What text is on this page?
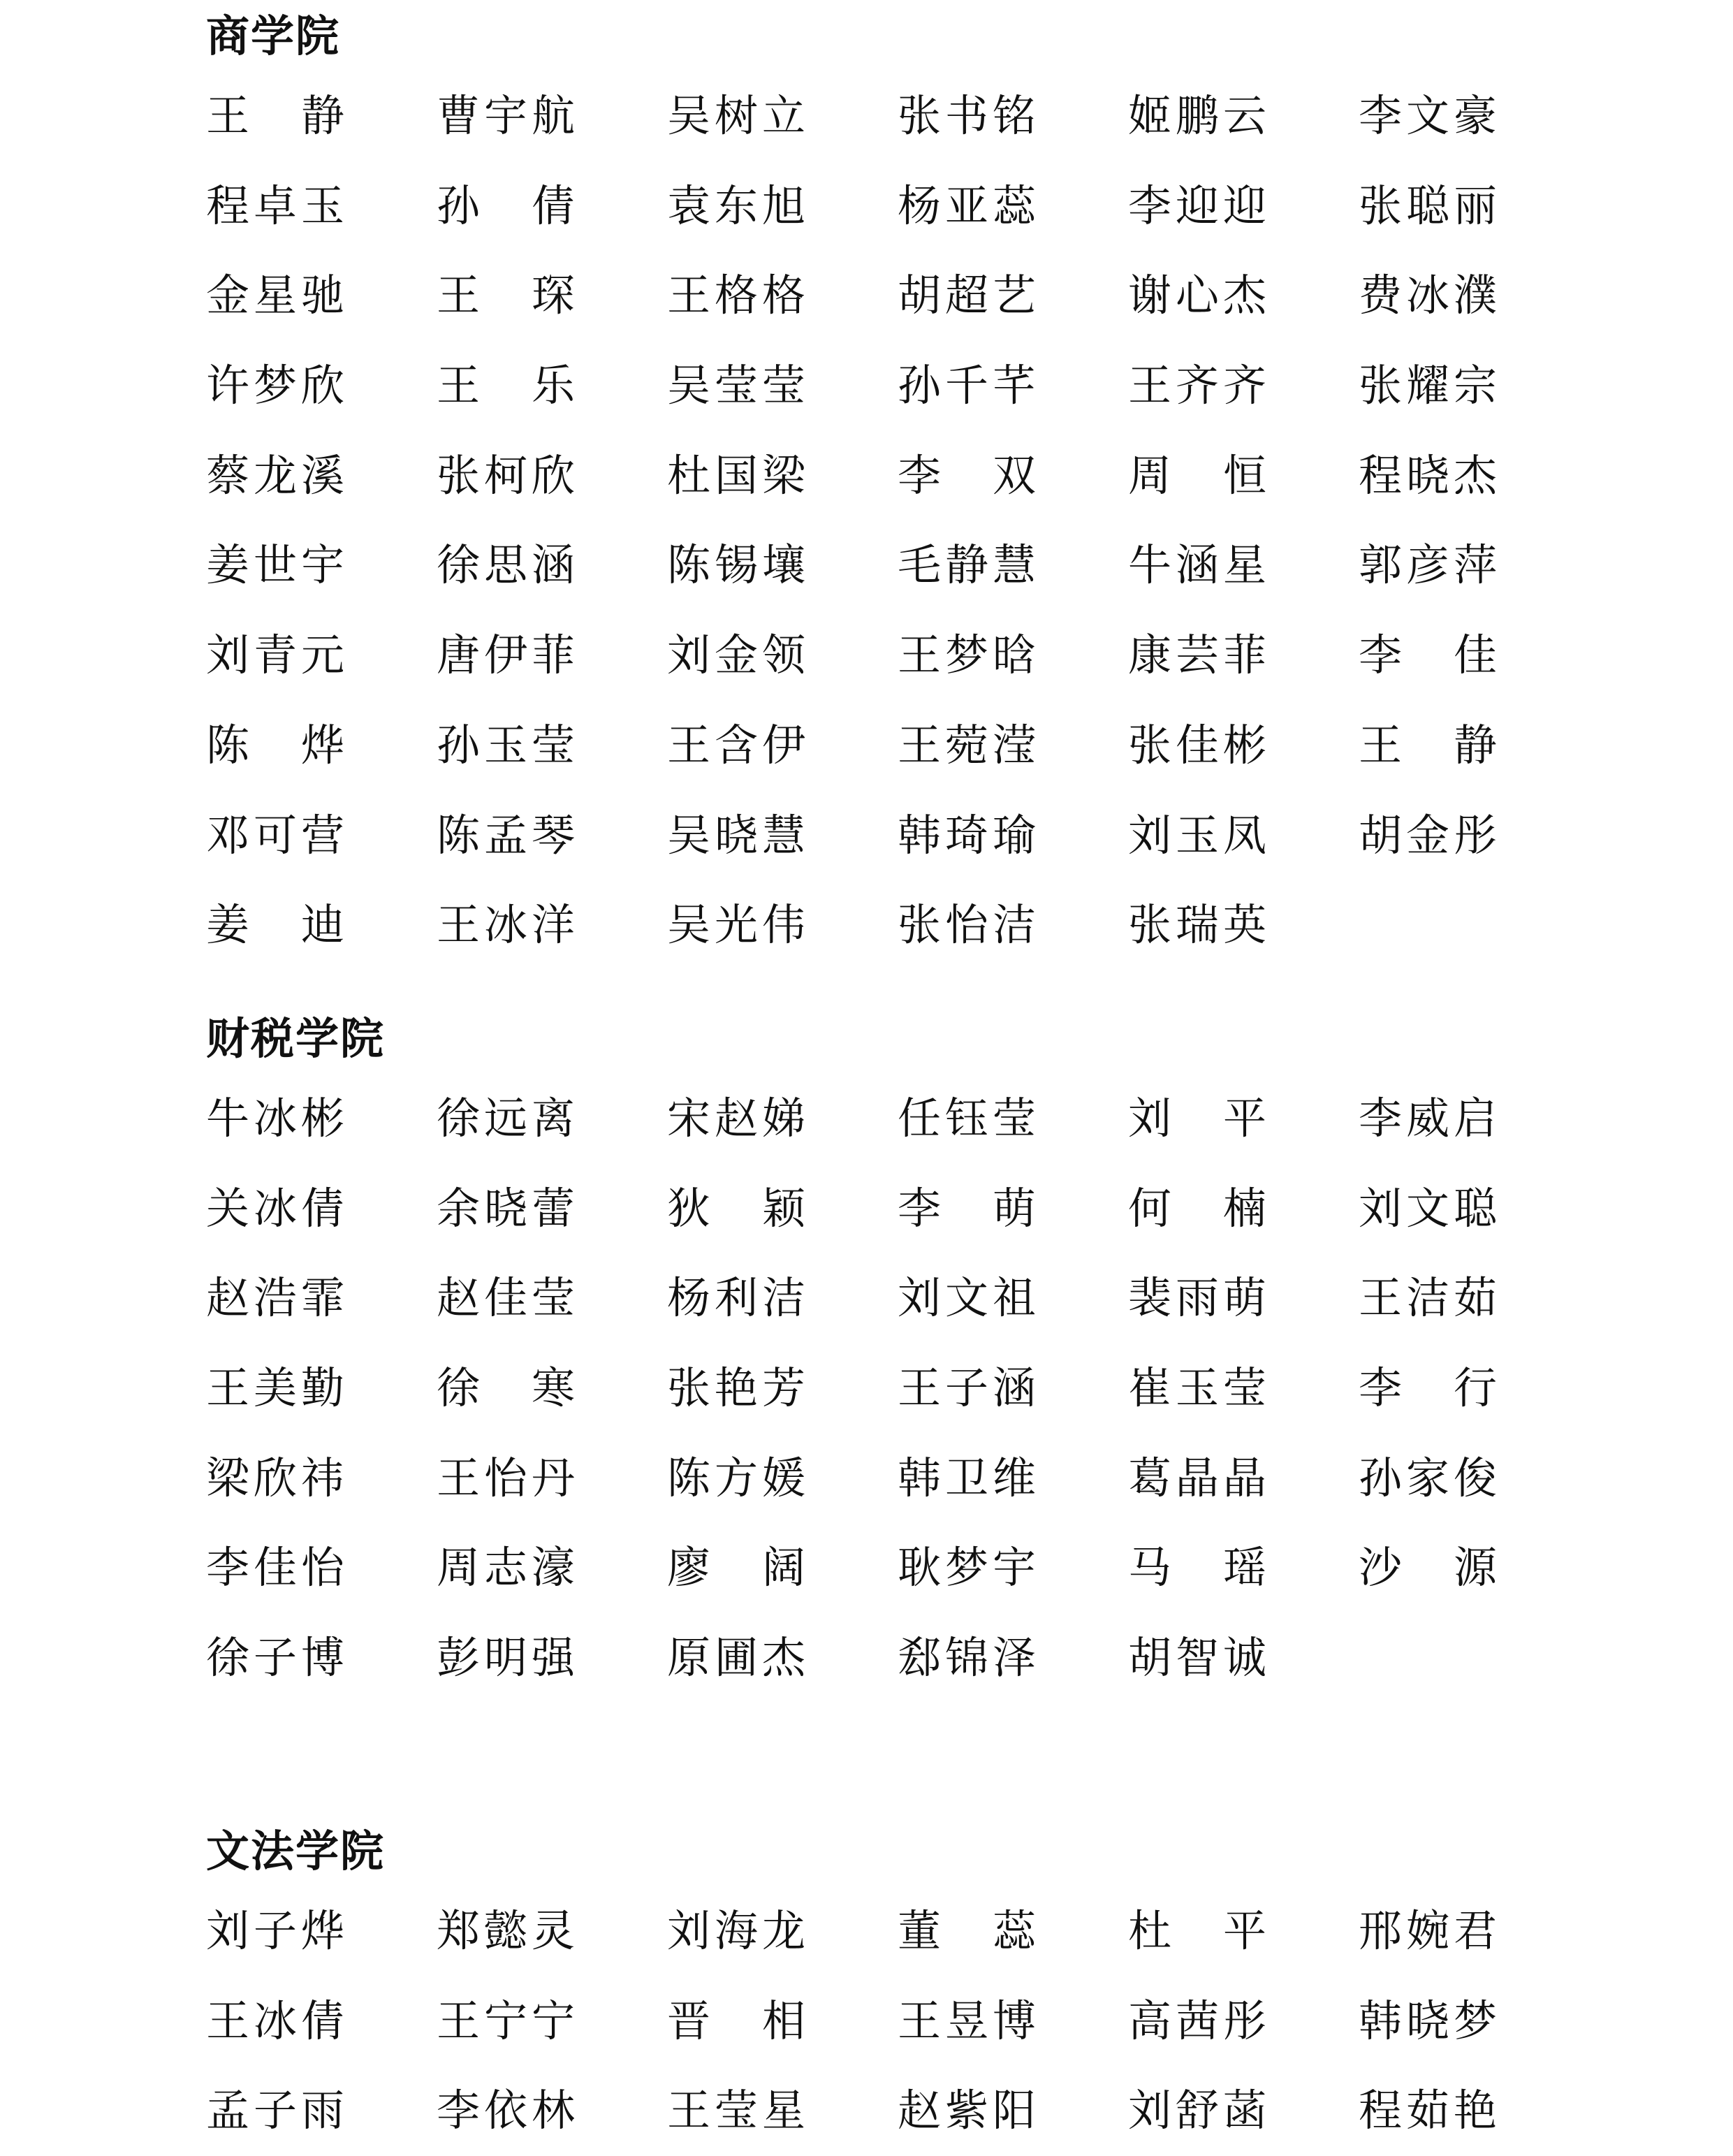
商学院
王 静 曹 宇 航 吴 树 立 张 书 铭 姬 鹏 云 李 文 豪
程 卓 玉 孙 倩 袁 东 旭 杨 亚 蕊 李 迎 迎 张 聪 丽
金 星 驰 王 琛 王 格 格 胡 超 艺 谢 心 杰 费 冰 濮
许 梦 欣 王 乐 吴 莹 莹 孙 千 芊 王 齐 齐 张 耀 宗
蔡 龙 溪 张 柯 欣 杜 国 梁 李 双 周 恒 程 晓 杰
姜 世 宇 徐 思 涵 陈 锡 壤 毛 静 慧 牛 涵 星 郭 彦 萍
刘 青 元 唐 伊 菲 刘 金 领 王 梦 晗 康 芸 菲 李 佳
陈 烨 孙 玉 莹 王 含 伊 王 菀 滢 张 佳 彬 王 静
邓 可 营 陈 孟 琴 吴 晓 慧 韩 琦 瑜 刘 玉 凤 胡 金 彤
姜 迪 王 冰 洋 吴 光 伟 张 怡 洁 张 瑞 英
财税学院
牛 冰 彬 徐 远 离 宋 赵 娣 任 钰 莹 刘 平 李 威 启
关 冰 倩 余 晓 蕾 狄 颖 李 萌 何 楠 刘 文 聪
赵 浩 霏 赵 佳 莹 杨 利 洁 刘 文 祖 裴 雨 萌 王 洁 茹
王 美 勤 徐 寒 张 艳 芳 王 子 涵 崔 玉 莹 李 行
梁 欣 祎 王 怡 丹 陈 方 媛 韩 卫 维 葛 晶 晶 孙 家 俊
李 佳 怡 周 志 濠 廖 阔 耿 梦 宇 马 瑶 沙 源
徐 子 博 彭 明 强 原 圃 杰 郄 锦 泽 胡 智 诚
文法学院
刘 子 烨 郑 懿 灵 刘 海 龙 董 蕊 杜 平 邢 婉 君
王 冰 倩 王 宁 宁 晋 相 王 昱 博 高 茜 彤 韩 晓 梦
孟 子 雨 李 依 林 王 莹 星 赵 紫 阳 刘 舒 菡 程 茹 艳
